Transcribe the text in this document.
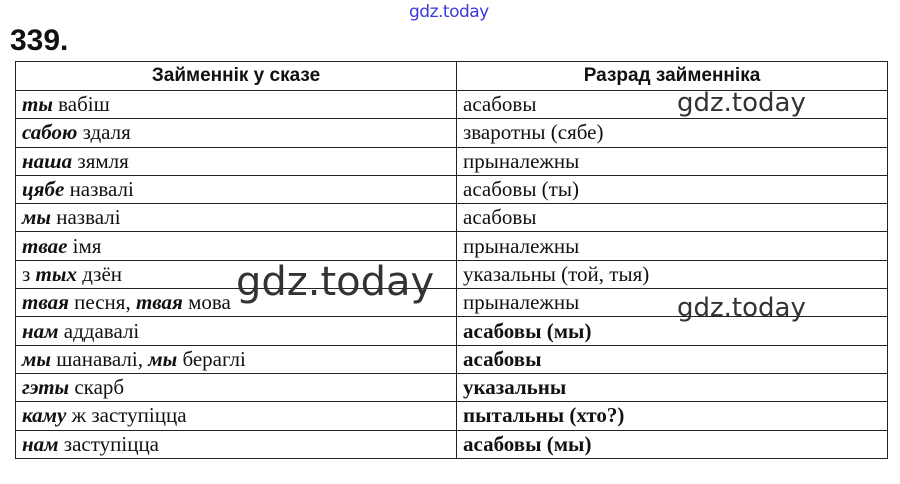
gdz.today
339.
Займеннік у сказе	Разрад займенніка
ты вабіш	асабовы
сабою здаля	зваротны (сябе)
наша зямля	прыналежны
цябе назвалі	асабовы (ты)
мы назвалі	асабовы
твае імя	прыналежны
з тых дзён	указальны (той, тыя)
твая песня, твая мова	прыналежны
нам аддавалі	асабовы (мы)
мы шанавалі, мы берaглі	асабовы
гэты скарб	указальны
каму ж заступіцца	пытальны (хто?)
нам заступіцца	асабовы (мы)
gdz.today
gdz.today
gdz.today
